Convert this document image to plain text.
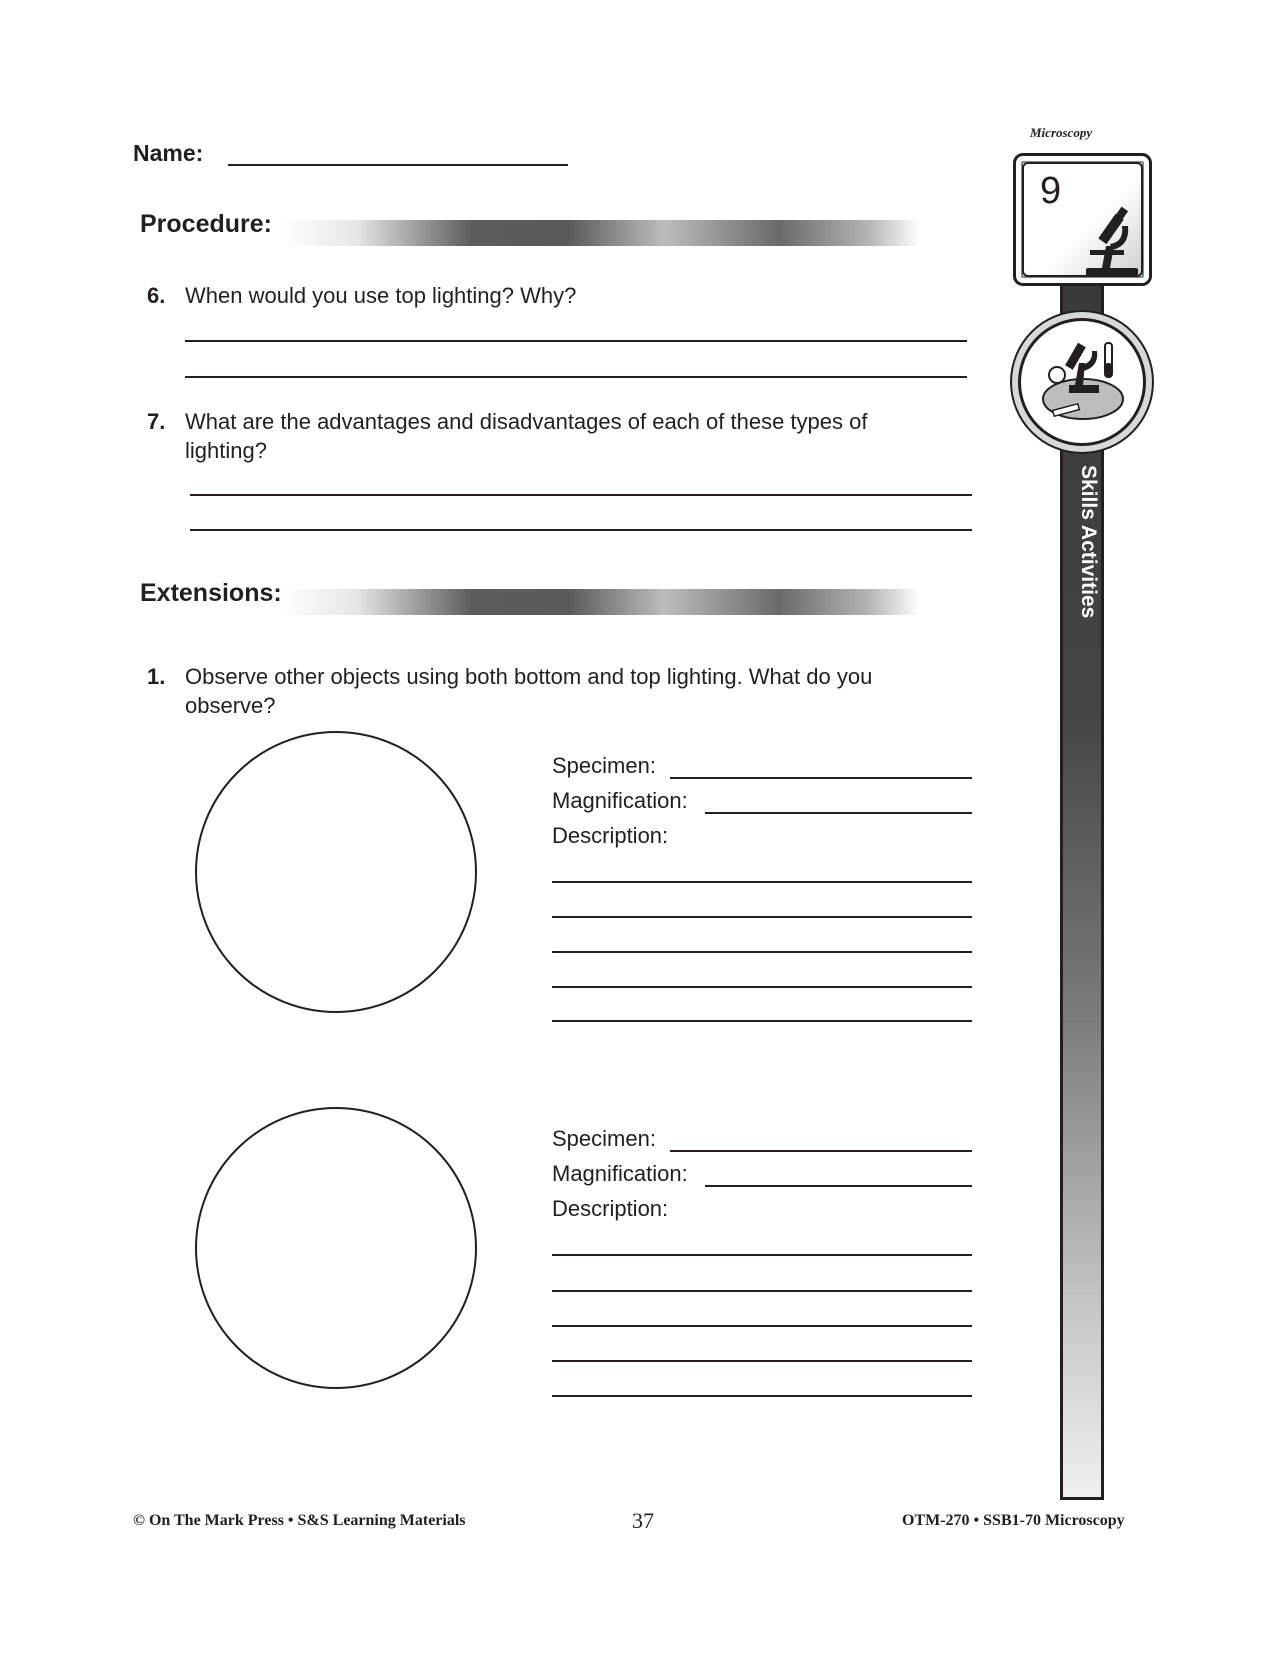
Name:
Procedure:
6. When would you use top lighting? Why?
7. What are the advantages and disadvantages of each of these types of
lighting?
Extensions:
1. Observe other objects using both bottom and top lighting. What do you
observe?
Specimen:
Magnification:
Description:
Specimen:
Magnification:
Description:
Microscopy
Skills Activities
9
© On The Mark Press • S&S Learning Materials	37	OTM-270 • SSB1-70 Microscopy
